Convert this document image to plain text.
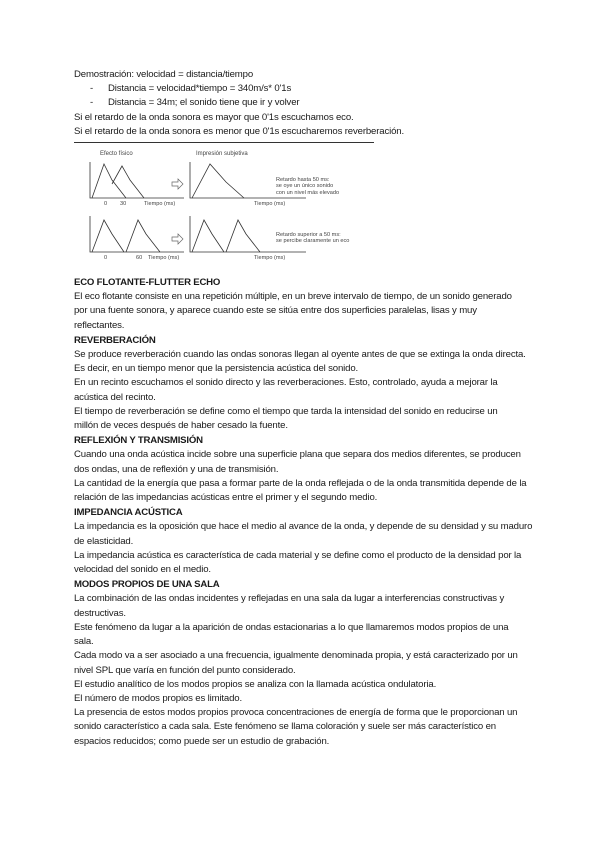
Demostración: velocidad = distancia/tiempo
- Distancia = velocidad*tiempo = 340m/s* 0'1s
- Distancia = 34m; el sonido tiene que ir y volver
Si el retardo de la onda sonora es mayor que 0'1s escuchamos eco.
Si el retardo de la onda sonora es menor que 0'1s escucharemos reverberación.
Efecto físico	Impresión subjetiva
0 30	Tiempo (ms)	Tiempo (ms)
0	60 Tiempo (ms)	Tiempo (ms)
Retardo hasta 50 ms:
se oye un único sonido
con un nivel más elevado
Retardo superior a 50 ms:
se percibe claramente un eco
ECO FLOTANTE-FLUTTER ECHO
El eco flotante consiste en una repetición múltiple, en un breve intervalo de tiempo, de un sonido generado
por una fuente sonora, y aparece cuando este se sitúa entre dos superficies paralelas, lisas y muy
reflectantes.
REVERBERACIÓN
Se produce reverberación cuando las ondas sonoras llegan al oyente antes de que se extinga la onda directa.
Es decir, en un tiempo menor que la persistencia acústica del sonido.
En un recinto escuchamos el sonido directo y las reverberaciones. Esto, controlado, ayuda a mejorar la
acústica del recinto.
El tiempo de reverberación se define como el tiempo que tarda la intensidad del sonido en reducirse un
millón de veces después de haber cesado la fuente.
REFLEXIÓN Y TRANSMISIÓN
Cuando una onda acústica incide sobre una superficie plana que separa dos medios diferentes, se producen
dos ondas, una de reflexión y una de transmisión.
La cantidad de la energía que pasa a formar parte de la onda reflejada o de la onda transmitida depende de la
relación de las impedancias acústicas entre el primer y el segundo medio.
IMPEDANCIA ACÚSTICA
La impedancia es la oposición que hace el medio al avance de la onda, y depende de su densidad y su maduro
de elasticidad.
La impedancia acústica es característica de cada material y se define como el producto de la densidad por la
velocidad del sonido en el medio.
MODOS PROPIOS DE UNA SALA
La combinación de las ondas incidentes y reflejadas en una sala da lugar a interferencias constructivas y
destructivas.
Este fenómeno da lugar a la aparición de ondas estacionarias a lo que llamaremos modos propios de una
sala.
Cada modo va a ser asociado a una frecuencia, igualmente denominada propia, y está caracterizado por un
nivel SPL que varía en función del punto considerado.
El estudio analítico de los modos propios se analiza con la llamada acústica ondulatoria.
El número de modos propios es limitado.
La presencia de estos modos propios provoca concentraciones de energía de forma que le proporcionan un
sonido característico a cada sala. Este fenómeno se llama coloración y suele ser más característico en
espacios reducidos; como puede ser un estudio de grabación.
